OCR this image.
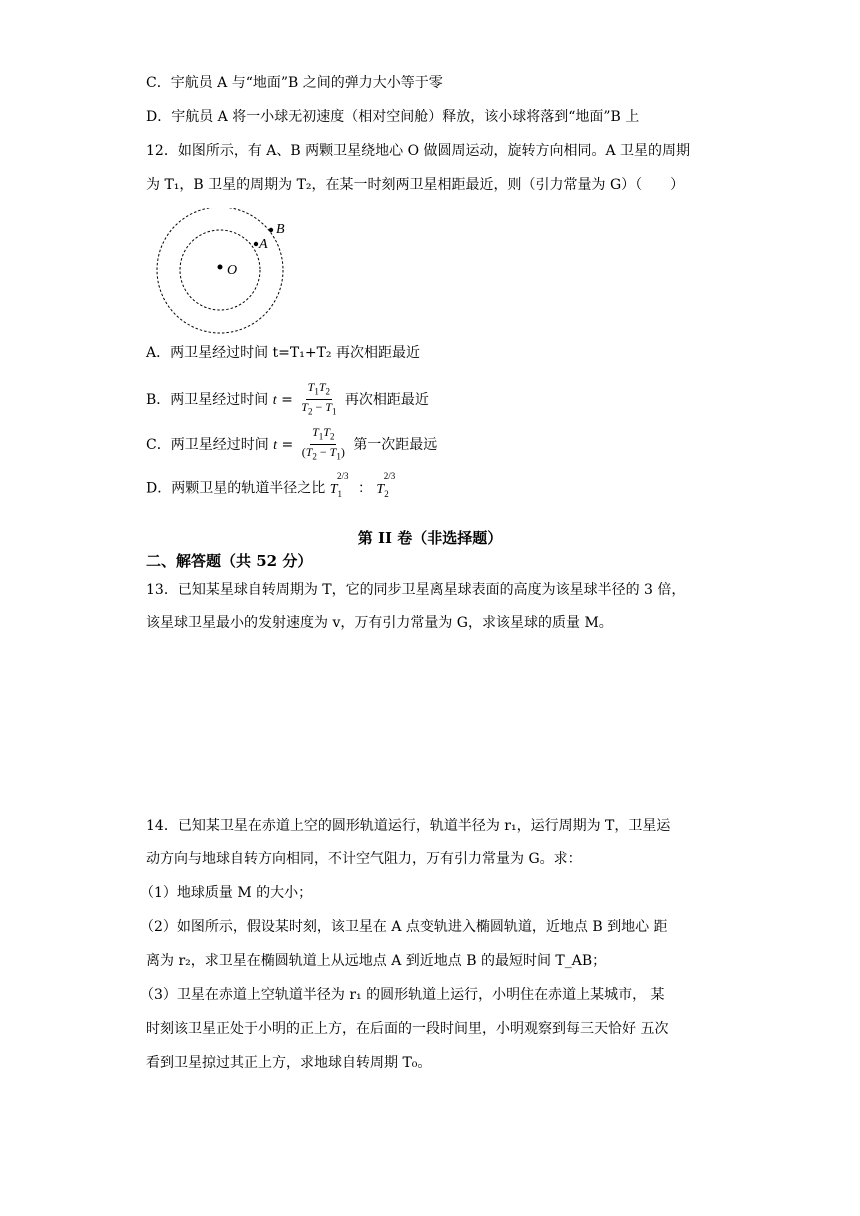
C．宇航员 A 与“地面”B 之间的弹力大小等于零
D．宇航员 A 将一小球无初速度（相对空间舱）释放，该小球将落到“地面”B 上
12．如图所示，有 A、B 两颗卫星绕地心 O 做圆周运动，旋转方向相同。A 卫星的周期
为 T₁，B 卫星的周期为 T₂，在某一时刻两卫星相距最近，则（引力常量为 G）（　　）
O
A
B
A．两卫星经过时间 t=T₁+T₂ 再次相距最近
B．两卫星经过时间 $t = \frac{T_1T_2}{T_2 - T_1}$ 再次相距最近
C．两卫星经过时间 $t = \frac{T_1T_2}{(T_2 - T_1)}$ 第一次距最远
D．两颗卫星的轨道半径之比 $T_1^{2/3}$ ： $T_2^{2/3}$
第 II 卷（非选择题）
二、解答题（共 52 分）
13．已知某星球自转周期为 T，它的同步卫星离星球表面的高度为该星球半径的 3 倍，
该星球卫星最小的发射速度为 v，万有引力常量为 G，求该星球的质量 M。
14．已知某卫星在赤道上空的圆形轨道运行，轨道半径为 r₁，运行周期为 T，卫星运
动方向与地球自转方向相同，不计空气阻力，万有引力常量为 G。求：
（1）地球质量 M 的大小；
（2）如图所示，假设某时刻，该卫星在 A 点变轨进入椭圆轨道，近地点 B 到地心 距
离为 r₂，求卫星在椭圆轨道上从远地点 A 到近地点 B 的最短时间 T_AB；
（3）卫星在赤道上空轨道半径为 r₁ 的圆形轨道上运行，小明住在赤道上某城市， 某
时刻该卫星正处于小明的正上方，在后面的一段时间里，小明观察到每三天恰好 五次
看到卫星掠过其正上方，求地球自转周期 T₀。
